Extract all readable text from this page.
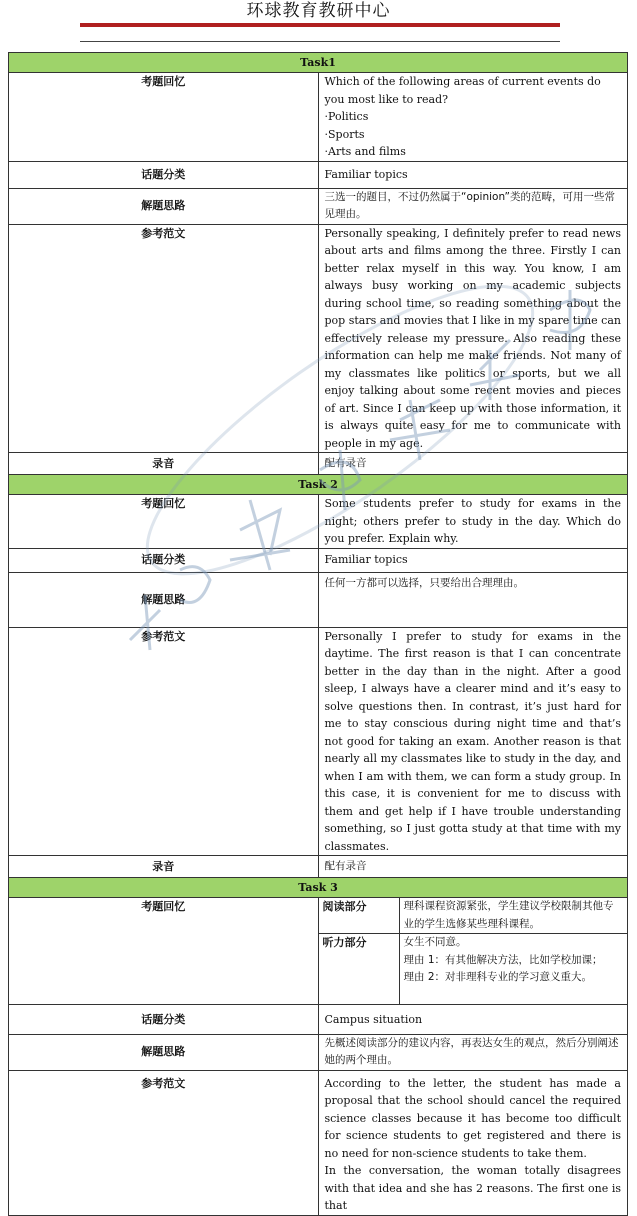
环球教育教研中心
Task1
考题回忆	Which of the following areas of current events do you most like to read?
·Politics
·Sports
·Arts and films

话题分类	Familiar topics
解题思路	三选一的题目，不过仍然属于“opinion”类的范畴，可用一些常见理由。
参考范文	Personally speaking, I definitely prefer to read news about arts and films among the three. Firstly I can better relax myself in this way. You know, I am always busy working on my academic subjects during school time, so reading something about the pop stars and movies that I like in my spare time can effectively release my pressure. Also reading these information can help me make friends. Not many of my classmates like politics or sports, but we all enjoy talking about some recent movies and pieces of art. Since I can keep up with those information, it is always quite easy for me to communicate with people in my age.
录音	配有录音
Task 2
考题回忆	Some students prefer to study for exams in the night; others prefer to study in the day. Which do you prefer. Explain why.
话题分类	Familiar topics
解题思路	任何一方都可以选择，只要给出合理理由。
参考范文	Personally I prefer to study for exams in the daytime. The first reason is that I can concentrate better in the day than in the night. After a good sleep, I always have a clearer mind and it’s easy to solve questions then. In contrast, it’s just hard for me to stay conscious during night time and that’s not good for taking an exam. Another reason is that nearly all my classmates like to study in the day, and when I am with them, we can form a study group. In this case, it is convenient for me to discuss with them and get help if I have trouble understanding something, so I just gotta study at that time with my classmates.
录音	配有录音
Task 3
考题回忆		阅读部分	理科课程资源紧张，学生建议学校限制其他专业的学生选修某些理科课程。
听力部分	女生不同意。
理由 1：有其他解决方法，比如学校加课；
理由 2：对非理科专业的学习意义重大。

话题分类	Campus situation
解题思路	先概述阅读部分的建议内容，再表达女生的观点，然后分别阐述她的两个理由。
参考范文	According to the letter, the student has made a proposal that the school should cancel the required science classes because it has become too difficult for science students to get registered and there is no need for non-science students to take them.
In the conversation, the woman totally disagrees with that idea and she has 2 reasons. The first one is that
